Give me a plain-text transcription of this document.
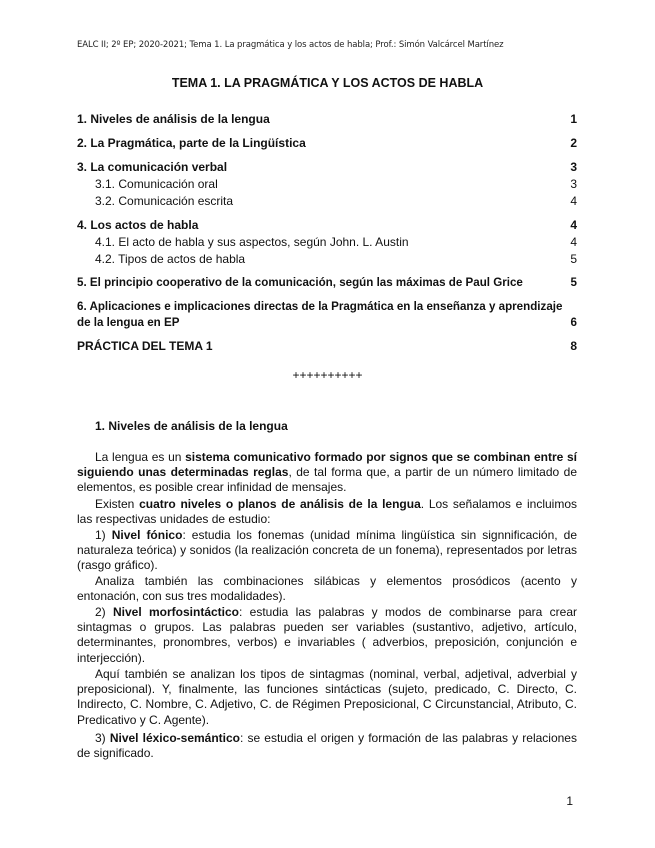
EALC II; 2º EP; 2020-2021; Tema 1. La pragmática y los actos de habla; Prof.: Simón Valcárcel Martínez
TEMA 1. LA PRAGMÁTICA Y LOS ACTOS DE HABLA
1. Niveles de análisis de la lengua	1
2. La Pragmática, parte de la Lingüística	2
3. La comunicación verbal	3
3.1. Comunicación oral	3
3.2. Comunicación escrita	4
4. Los actos de habla	4
4.1. El acto de habla y sus aspectos, según John. L. Austin	4
4.2. Tipos de actos de habla	5
5. El principio cooperativo de la comunicación, según las máximas de Paul Grice	5
6. Aplicaciones e implicaciones directas de la Pragmática en la enseñanza y aprendizaje
de la lengua en EP	6
PRÁCTICA DEL TEMA 1	8
++++++++++
1. Niveles de análisis de la lengua
La lengua es un sistema comunicativo formado por signos que se combinan entre sí siguiendo unas determinadas reglas, de tal forma que, a partir de un número limitado de elementos, es posible crear infinidad de mensajes.
Existen cuatro niveles o planos de análisis de la lengua. Los señalamos e incluimos las respectivas unidades de estudio:
1) Nivel fónico: estudia los fonemas (unidad mínima lingüística sin signnificación, de naturaleza teórica) y sonidos (la realización concreta de un fonema), representados por letras (rasgo gráfico).
Analiza también las combinaciones silábicas y elementos prosódicos (acento y entonación, con sus tres modalidades).
2) Nivel morfosintáctico: estudia las palabras y modos de combinarse para crear sintagmas o grupos. Las palabras pueden ser variables (sustantivo, adjetivo, artículo, determinantes, pronombres, verbos) e invariables ( adverbios, preposición, conjunción e interjección).
Aquí también se analizan los tipos de sintagmas (nominal, verbal, adjetival, adverbial y preposicional). Y, finalmente, las funciones sintácticas (sujeto, predicado, C. Directo, C. Indirecto, C. Nombre, C. Adjetivo, C. de Régimen Preposicional, C Circunstancial, Atributo, C. Predicativo y C. Agente).
3) Nivel léxico-semántico: se estudia el origen y formación de las palabras y relaciones de significado.
1
